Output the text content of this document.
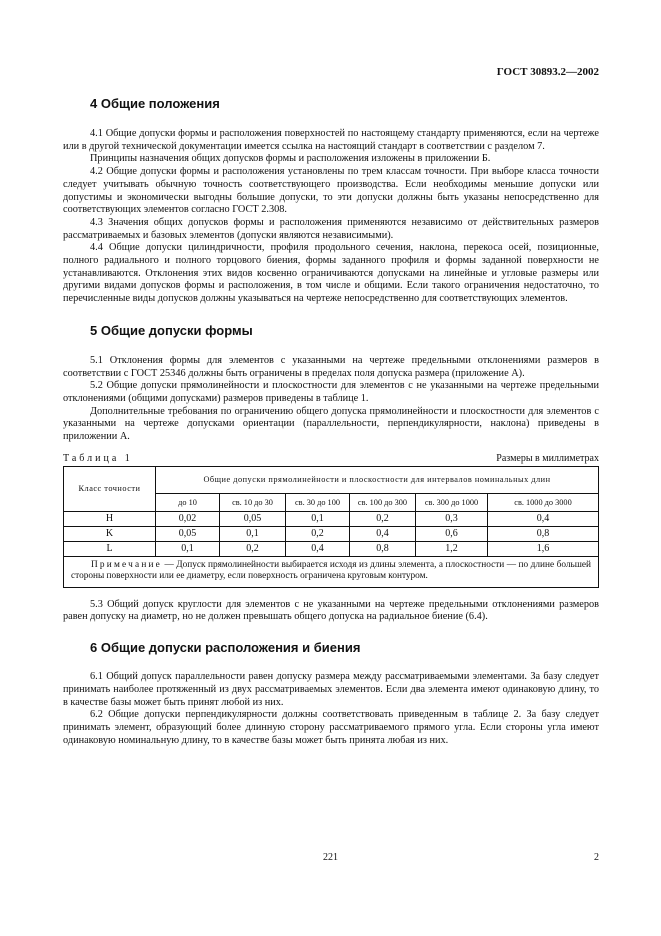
ГОСТ 30893.2—2002
4 Общие положения

4.1 Общие допуски формы и расположения поверхностей по настоящему стандарту применяются, если на чертеже или в другой технической документации имеется ссылка на настоящий стандарт в соответствии с разделом 7.

Принципы назначения общих допусков формы и расположения изложены в приложении Б.

4.2 Общие допуски формы и расположения установлены по трем классам точности. При выборе класса точности следует учитывать обычную точность соответствующего производства. Если необходимы меньшие допуски или допустимы и экономически выгодны большие допуски, то эти допуски должны быть указаны непосредственно для соответствующих элементов согласно ГОСТ 2.308.

4.3 Значения общих допусков формы и расположения применяются независимо от действительных размеров рассматриваемых и базовых элементов (допуски являются независимыми).

4.4 Общие допуски цилиндричности, профиля продольного сечения, наклона, перекоса осей, позиционные, полного радиального и полного торцового биения, формы заданного профиля и формы заданной поверхности не устанавливаются. Отклонения этих видов косвенно ограничиваются допусками на линейные и угловые размеры или другими видами допусков формы и расположения, в том числе и общими. Если такого ограничения недостаточно, то перечисленные виды допусков должны указываться на чертеже непосредственно для соответствующих элементов.

5 Общие допуски формы

5.1 Отклонения формы для элементов с указанными на чертеже предельными отклонениями размеров в соответствии с ГОСТ 25346 должны быть ограничены в пределах поля допуска размера (приложение А).

5.2 Общие допуски прямолинейности и плоскостности для элементов с не указанными на чертеже предельными отклонениями (общими допусками) размеров приведены в таблице 1.

Дополнительные требования по ограничению общего допуска прямолинейности и плоскостности для элементов с указанными на чертеже допусками ориентации (параллельности, перпендикулярности, наклона) приведены в приложении А.

Таблица 1	Размеры в миллиметрах
Класс точности	Общие допуски прямолинейности и плоскостности для интервалов номинальных длин					
	до 10	св. 10 до 30	св. 30 до 100	св. 100 до 300	св. 300 до 1000	св. 1000 до 3000
H	0,02	0,05	0,1	0,2	0,3	0,4
K	0,05	0,1	0,2	0,4	0,6	0,8
L	0,1	0,2	0,4	0,8	1,2	1,6
Примечание — Допуск прямолинейности выбирается исходя из длины элемента, а плоскостности — по длине большей стороны поверхности или ее диаметру, если поверхность ограничена круговым контуром.						

5.3 Общий допуск круглости для элементов с не указанными на чертеже предельными отклонениями размеров равен допуску на диаметр, но не должен превышать общего допуска на радиальное биение (6.4).

6 Общие допуски расположения и биения

6.1 Общий допуск параллельности равен допуску размера между рассматриваемыми элементами. За базу следует принимать наиболее протяженный из двух рассматриваемых элементов. Если два элемента имеют одинаковую длину, то в качестве базы может быть принят любой из них.

6.2 Общие допуски перпендикулярности должны соответствовать приведенным в таблице 2. За базу следует принимать элемент, образующий более длинную сторону рассматриваемого прямого угла. Если стороны угла имеют одинаковую номинальную длину, то в качестве базы может быть принята любая из них.

221	2
